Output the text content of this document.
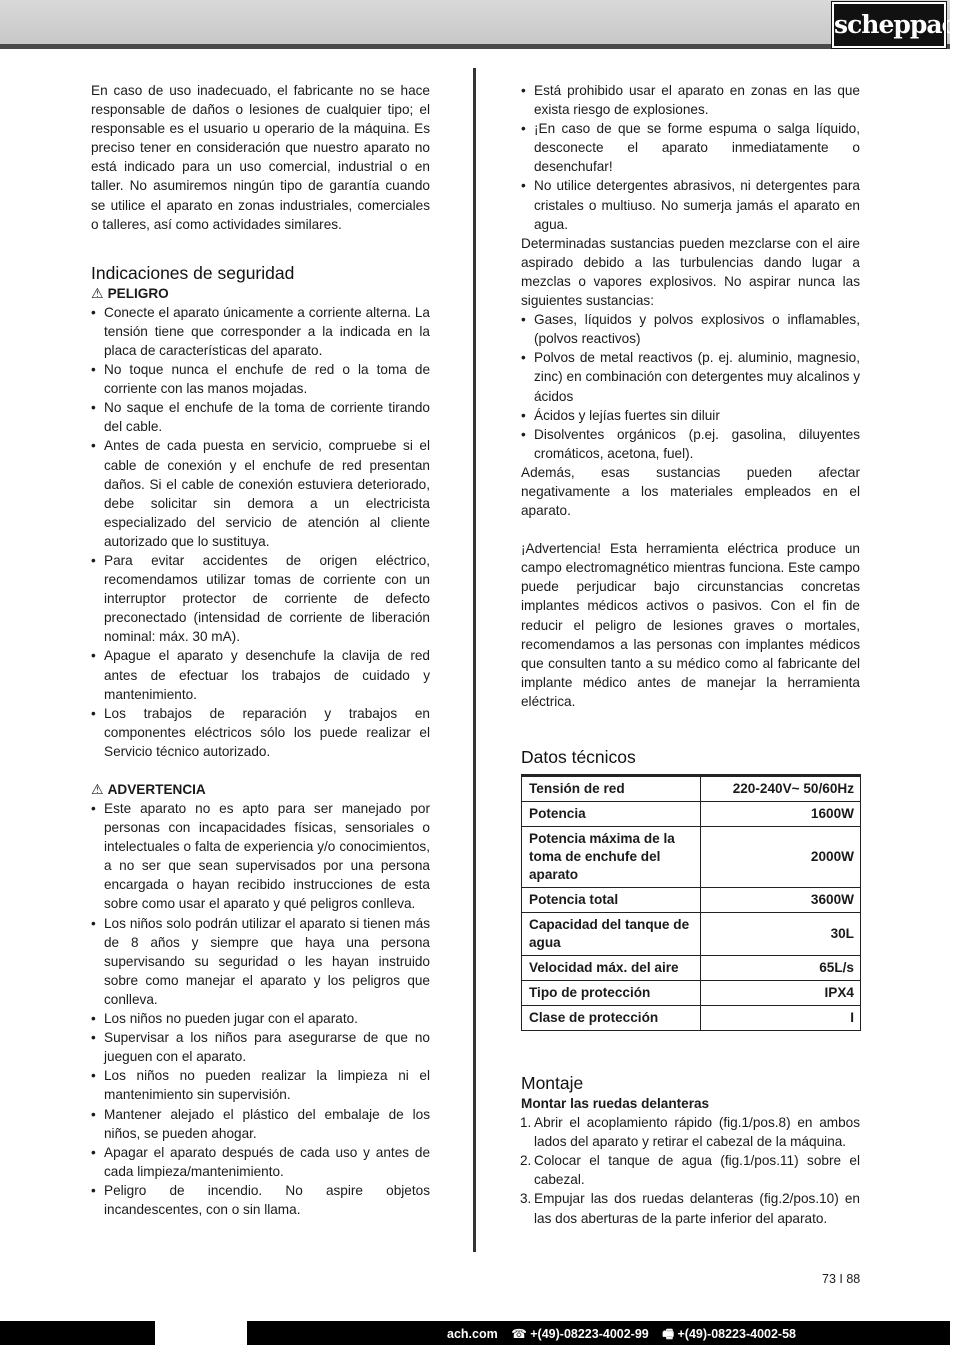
scheppach

En caso de uso inadecuado, el fabricante no se hace responsable de daños o lesiones de cualquier tipo; el responsable es el usuario u operario de la máquina. Es preciso tener en consideración que nuestro aparato no está indicado para un uso comercial, industrial o en taller. No asumiremos ningún tipo de garantía cuando se utilice el aparato en zonas industriales, comerciales o talleres, así como actividades similares.

Indicaciones de seguridad
⚠ PELIGRO
• Conecte el aparato únicamente a corriente alterna. La tensión tiene que corresponder a la indicada en la placa de características del aparato.
• No toque nunca el enchufe de red o la toma de corriente con las manos mojadas.
• No saque el enchufe de la toma de corriente tirando del cable.
• Antes de cada puesta en servicio, compruebe si el cable de conexión y el enchufe de red presentan daños. Si el cable de conexión estuviera deteriorado, debe solicitar sin demora a un electricista especializado del servicio de atención al cliente autorizado que lo sustituya.
• Para evitar accidentes de origen eléctrico, recomendamos utilizar tomas de corriente con un interruptor protector de corriente de defecto preconectado (intensidad de corriente de liberación nominal: máx. 30 mA).
• Apague el aparato y desenchufe la clavija de red antes de efectuar los trabajos de cuidado y mantenimiento.
• Los trabajos de reparación y trabajos en componentes eléctricos sólo los puede realizar el Servicio técnico autorizado.
⚠ ADVERTENCIA
• Este aparato no es apto para ser manejado por personas con incapacidades físicas, sensoriales o intelectuales o falta de experiencia y/o conocimientos, a no ser que sean supervisados por una persona encargada o hayan recibido instrucciones de esta sobre como usar el aparato y qué peligros conlleva.
• Los niños solo podrán utilizar el aparato si tienen más de 8 años y siempre que haya una persona supervisando su seguridad o les hayan instruido sobre como manejar el aparato y los peligros que conlleva.
• Los niños no pueden jugar con el aparato.
• Supervisar a los niños para asegurarse de que no jueguen con el aparato.
• Los niños no pueden realizar la limpieza ni el mantenimiento sin supervisión.
• Mantener alejado el plástico del embalaje de los niños, se pueden ahogar.
• Apagar el aparato después de cada uso y antes de cada limpieza/mantenimiento.
• Peligro de incendio. No aspire objetos incandescentes, con o sin llama.
• Está prohibido usar el aparato en zonas en las que exista riesgo de explosiones.
• ¡En caso de que se forme espuma o salga líquido, desconecte el aparato inmediatamente o desenchufar!
• No utilice detergentes abrasivos, ni detergentes para cristales o multiuso. No sumerja jamás el aparato en agua.

Determinadas sustancias pueden mezclarse con el aire aspirado debido a las turbulencias dando lugar a mezclas o vapores explosivos. No aspirar nunca las siguientes sustancias:

• Gases, líquidos y polvos explosivos o inflamables, (polvos reactivos)
• Polvos de metal reactivos (p. ej. aluminio, magnesio, zinc) en combinación con detergentes muy alcalinos y ácidos
• Ácidos y lejías fuertes sin diluir
• Disolventes orgánicos (p.ej. gasolina, diluyentes cromáticos, acetona, fuel).

Además, esas sustancias pueden afectar negativamente a los materiales empleados en el aparato.

¡Advertencia! Esta herramienta eléctrica produce un campo electromagnético mientras funciona. Este campo puede perjudicar bajo circunstancias concretas implantes médicos activos o pasivos. Con el fin de reducir el peligro de lesiones graves o mortales, recomendamos a las personas con implantes médicos que consulten tanto a su médico como al fabricante del implante médico antes de manejar la herramienta eléctrica.

Datos técnicos
Tensión de red	220-240V~ 50/60Hz
Potencia	1600W
Potencia máxima de la toma de enchufe del aparato	2000W
Potencia total	3600W
Capacidad del tanque de agua	30L
Velocidad máx. del aire	65L/s
Tipo de protección	IPX4
Clase de protección	I
Montaje

Montar las ruedas delanteras

1. Abrir el acoplamiento rápido (fig.1/pos.8) en ambos lados del aparato y retirar el cabezal de la máquina.
2. Colocar el tanque de agua (fig.1/pos.11) sobre el cabezal.
3. Empujar las dos ruedas delanteras (fig.2/pos.10) en las dos aberturas de la parte inferior del aparato.
73 I 88
ach.com ☎ +(49)-08223-4002-99 🖷 +(49)-08223-4002-58
